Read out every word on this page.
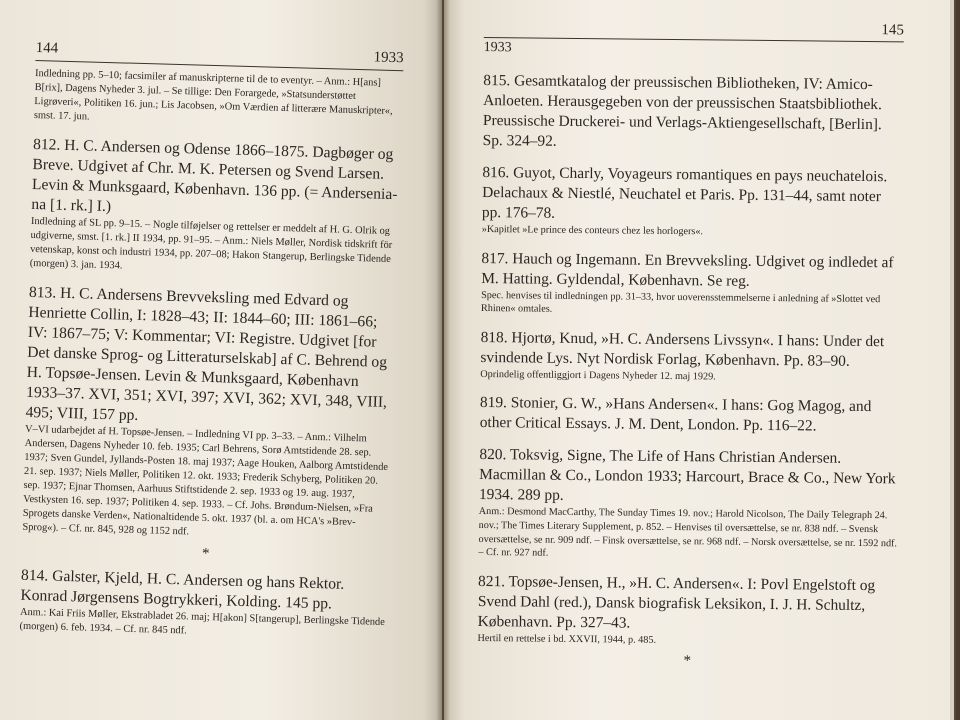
144
1933

Indledning pp. 5–10; facsimiler af manuskripterne til de to eventyr. – Anm.: H[ans] B[rix], Dagens Nyheder 3. jul. – Se tillige: Den Forargede, »Statsunderstøttet Ligrøveri«, Politiken 16. jun.; Lis Jacobsen, »Om Værdien af litterære Manuskripter«, smst. 17. jun.

812. H. C. Andersen og Odense 1866–1875. Dagbøger og Breve. Udgivet af Chr. M. K. Petersen og Svend Larsen. Levin & Munksgaard, København. 136 pp. (= Andersenia-na [1. rk.] I.)

Indledning af SL pp. 9–15. – Nogle tilføjelser og rettelser er meddelt af H. G. Olrik og udgiverne, smst. [1. rk.] II 1934, pp. 91–95. – Anm.: Niels Møller, Nordisk tidskrift för vetenskap, konst och industri 1934, pp. 207–08; Hakon Stangerup, Berlingske Tidende (morgen) 3. jan. 1934.

813. H. C. Andersens Brevveksling med Edvard og Henriette Collin, I: 1828–43; II: 1844–60; III: 1861–66; IV: 1867–75; V: Kommentar; VI: Registre. Udgivet [for Det danske Sprog- og Litteraturselskab] af C. Behrend og H. Topsøe-Jensen. Levin & Munksgaard, København 1933–37. XVI, 351; XVI, 397; XVI, 362; XVI, 348, VIII, 495; VIII, 157 pp.

V–VI udarbejdet af H. Topsøe-Jensen. – Indledning VI pp. 3–33. – Anm.: Vilhelm Andersen, Dagens Nyheder 10. feb. 1935; Carl Behrens, Sorø Amtstidende 28. sep. 1937; Sven Gundel, Jyllands-Posten 18. maj 1937; Aage Houken, Aalborg Amtstidende 21. sep. 1937; Niels Møller, Politiken 12. okt. 1933; Frederik Schyberg, Politiken 20. sep. 1937; Ejnar Thomsen, Aarhuus Stiftstidende 2. sep. 1933 og 19. aug. 1937, Vestkysten 16. sep. 1937; Politiken 4. sep. 1933. – Cf. Johs. Brøndum-Nielsen, »Fra Sprogets danske Verden«, Nationaltidende 5. okt. 1937 (bl. a. om HCA's »Brev-Sprog«). – Cf. nr. 845, 928 og 1152 ndf.

*

814. Galster, Kjeld, H. C. Andersen og hans Rektor. Konrad Jørgensens Bogtrykkeri, Kolding. 145 pp.

Anm.: Kai Friis Møller, Ekstrabladet 26. maj; H[akon] S[tangerup], Berlingske Tidende (morgen) 6. feb. 1934. – Cf. nr. 845 ndf.

145
1933

815. Gesamtkatalog der preussischen Bibliotheken, IV: Amico-Anloeten. Herausgegeben von der preussischen Staatsbibliothek. Preussische Druckerei- und Verlags-Aktiengesellschaft, [Berlin]. Sp. 324–92.

816. Guyot, Charly, Voyageurs romantiques en pays neuchatelois. Delachaux & Niestlé, Neuchatel et Paris. Pp. 131–44, samt noter pp. 176–78.

»Kapitlet »Le prince des conteurs chez les horlogers«.

817. Hauch og Ingemann. En Brevveksling. Udgivet og indledet af M. Hatting. Gyldendal, København. Se reg.

Spec. henvises til indledningen pp. 31–33, hvor uoverensstemmelserne i anledning af »Slottet ved Rhinen« omtales.

818. Hjortø, Knud, »H. C. Andersens Livssyn«. I hans: Under det svindende Lys. Nyt Nordisk Forlag, København. Pp. 83–90.

Oprindelig offentliggjort i Dagens Nyheder 12. maj 1929.

819. Stonier, G. W., »Hans Andersen«. I hans: Gog Magog, and other Critical Essays. J. M. Dent, London. Pp. 116–22.

820. Toksvig, Signe, The Life of Hans Christian Andersen. Macmillan & Co., London 1933; Harcourt, Brace & Co., New York 1934. 289 pp.

Anm.: Desmond MacCarthy, The Sunday Times 19. nov.; Harold Nicolson, The Daily Telegraph 24. nov.; The Times Literary Supplement, p. 852. – Henvises til oversættelse, se nr. 838 ndf. – Svensk oversættelse, se nr. 909 ndf. – Finsk oversættelse, se nr. 968 ndf. – Norsk oversættelse, se nr. 1592 ndf. – Cf. nr. 927 ndf.

821. Topsøe-Jensen, H., »H. C. Andersen«. I: Povl Engelstoft og Svend Dahl (red.), Dansk biografisk Leksikon, I. J. H. Schultz, København. Pp. 327–43.

Hertil en rettelse i bd. XXVII, 1944, p. 485.

*
